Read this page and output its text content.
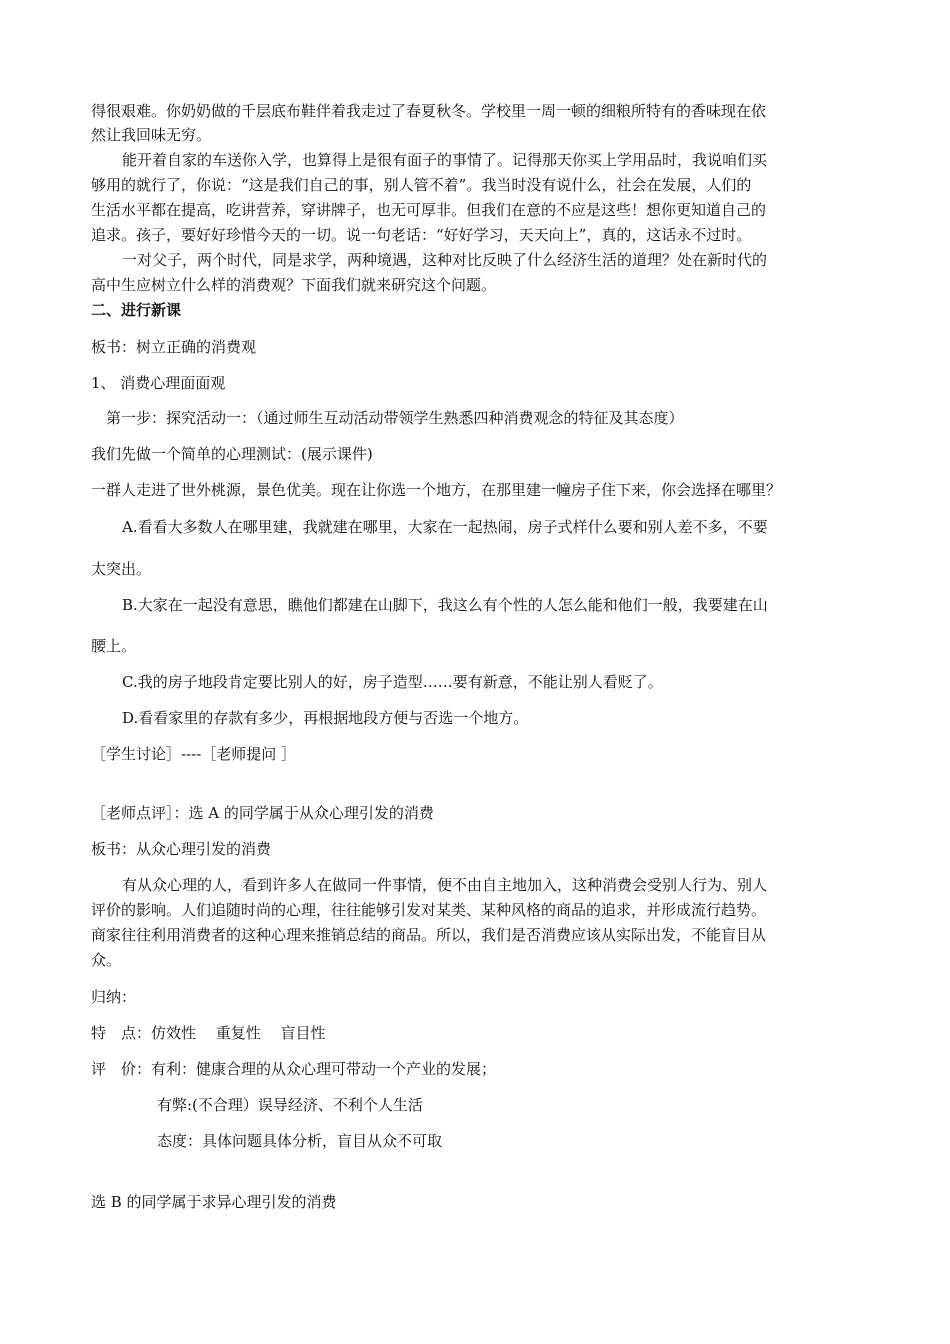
得很艰难。你奶奶做的千层底布鞋伴着我走过了春夏秋冬。学校里一周一顿的细粮所特有的香味现在依
然让我回味无穷。
能开着自家的车送你入学，也算得上是很有面子的事情了。记得那天你买上学用品时，我说咱们买
够用的就行了，你说：“这是我们自己的事，别人管不着”。我当时没有说什么，社会在发展，人们的
生活水平都在提高，吃讲营养，穿讲牌子，也无可厚非。但我们在意的不应是这些！想你更知道自己的
追求。孩子，要好好珍惜今天的一切。说一句老话：“好好学习，天天向上”，真的，这话永不过时。
一对父子，两个时代，同是求学，两种境遇，这种对比反映了什么经济生活的道理？处在新时代的
高中生应树立什么样的消费观？下面我们就来研究这个问题。
二、进行新课
板书：树立正确的消费观
1、 消费心理面面观
第一步：探究活动一：（通过师生互动活动带领学生熟悉四种消费观念的特征及其态度）
我们先做一个简单的心理测试：(展示课件)
一群人走进了世外桃源，景色优美。现在让你选一个地方，在那里建一幢房子住下来，你会选择在哪里？
A.看看大多数人在哪里建，我就建在哪里，大家在一起热闹，房子式样什么要和别人差不多，不要
太突出。
B.大家在一起没有意思，瞧他们都建在山脚下，我这么有个性的人怎么能和他们一般，我要建在山
腰上。
C.我的房子地段肯定要比别人的好，房子造型……要有新意，不能让别人看贬了。
D.看看家里的存款有多少，再根据地段方便与否选一个地方。
［学生讨论］----［老师提问 ］
［老师点评］：选 A 的同学属于从众心理引发的消费
板书：从众心理引发的消费
有从众心理的人，看到许多人在做同一件事情，便不由自主地加入，这种消费会受别人行为、别人
评价的影响。人们追随时尚的心理，往往能够引发对某类、某种风格的商品的追求，并形成流行趋势。
商家往往利用消费者的这种心理来推销总结的商品。所以，我们是否消费应该从实际出发，不能盲目从
众。
归纳：
特　点：仿效性　 重复性　 盲目性
评　价：有利：健康合理的从众心理可带动一个产业的发展；
有弊:(不合理）误导经济、不利个人生活
态度：具体问题具体分析，盲目从众不可取
选 B 的同学属于求异心理引发的消费
